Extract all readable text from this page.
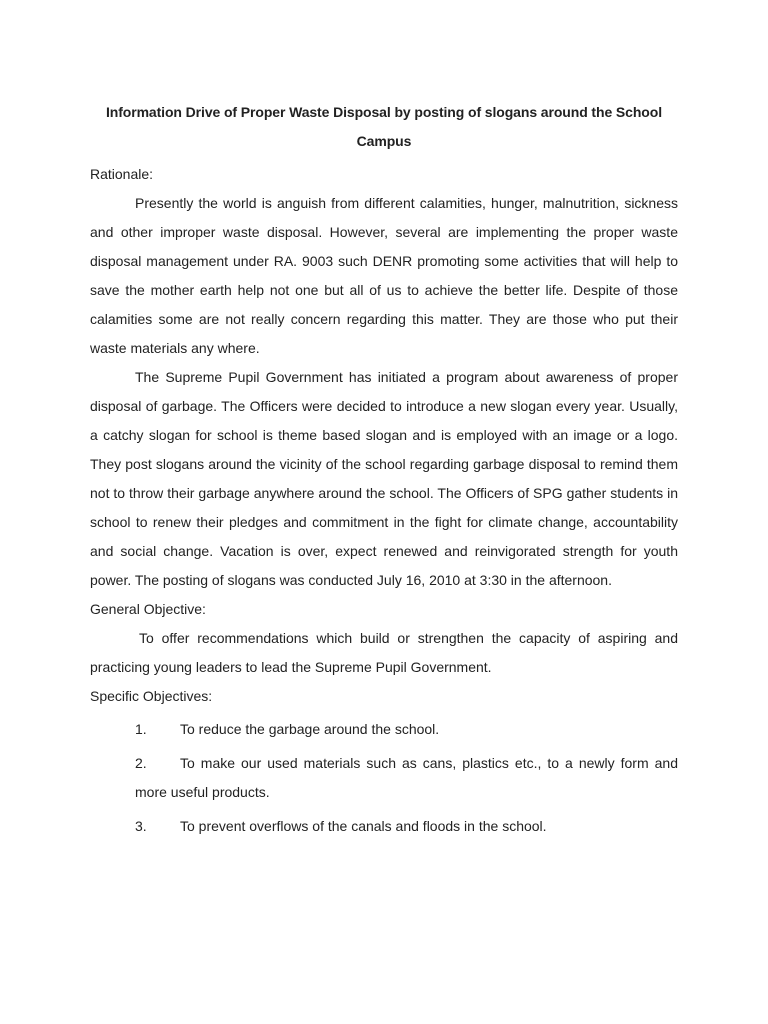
Information Drive of Proper Waste Disposal by posting of slogans around the School Campus

Rationale:

Presently the world is anguish from different calamities, hunger, malnutrition, sickness and other improper waste disposal. However, several are implementing the proper waste disposal management under RA. 9003 such DENR promoting some activities that will help to save the mother earth help not one but all of us to achieve the better life. Despite of those calamities some are not really concern regarding this matter. They are those who put their waste materials any where.

The Supreme Pupil Government has initiated a program about awareness of proper disposal of garbage. The Officers were decided to introduce a new slogan every year. Usually, a catchy slogan for school is theme based slogan and is employed with an image or a logo. They post slogans around the vicinity of the school regarding garbage disposal to remind them not to throw their garbage anywhere around the school. The Officers of SPG gather students in school to renew their pledges and commitment in the fight for climate change, accountability and social change. Vacation is over, expect renewed and reinvigorated strength for youth power. The posting of slogans was conducted July 16, 2010 at 3:30 in the afternoon.

General Objective:

To offer recommendations which build or strengthen the capacity of aspiring and practicing young leaders to lead the Supreme Pupil Government.

Specific Objectives:

1. To reduce the garbage around the school.
2. To make our used materials such as cans, plastics etc., to a newly form and more useful products.
3. To prevent overflows of the canals and floods in the school.
